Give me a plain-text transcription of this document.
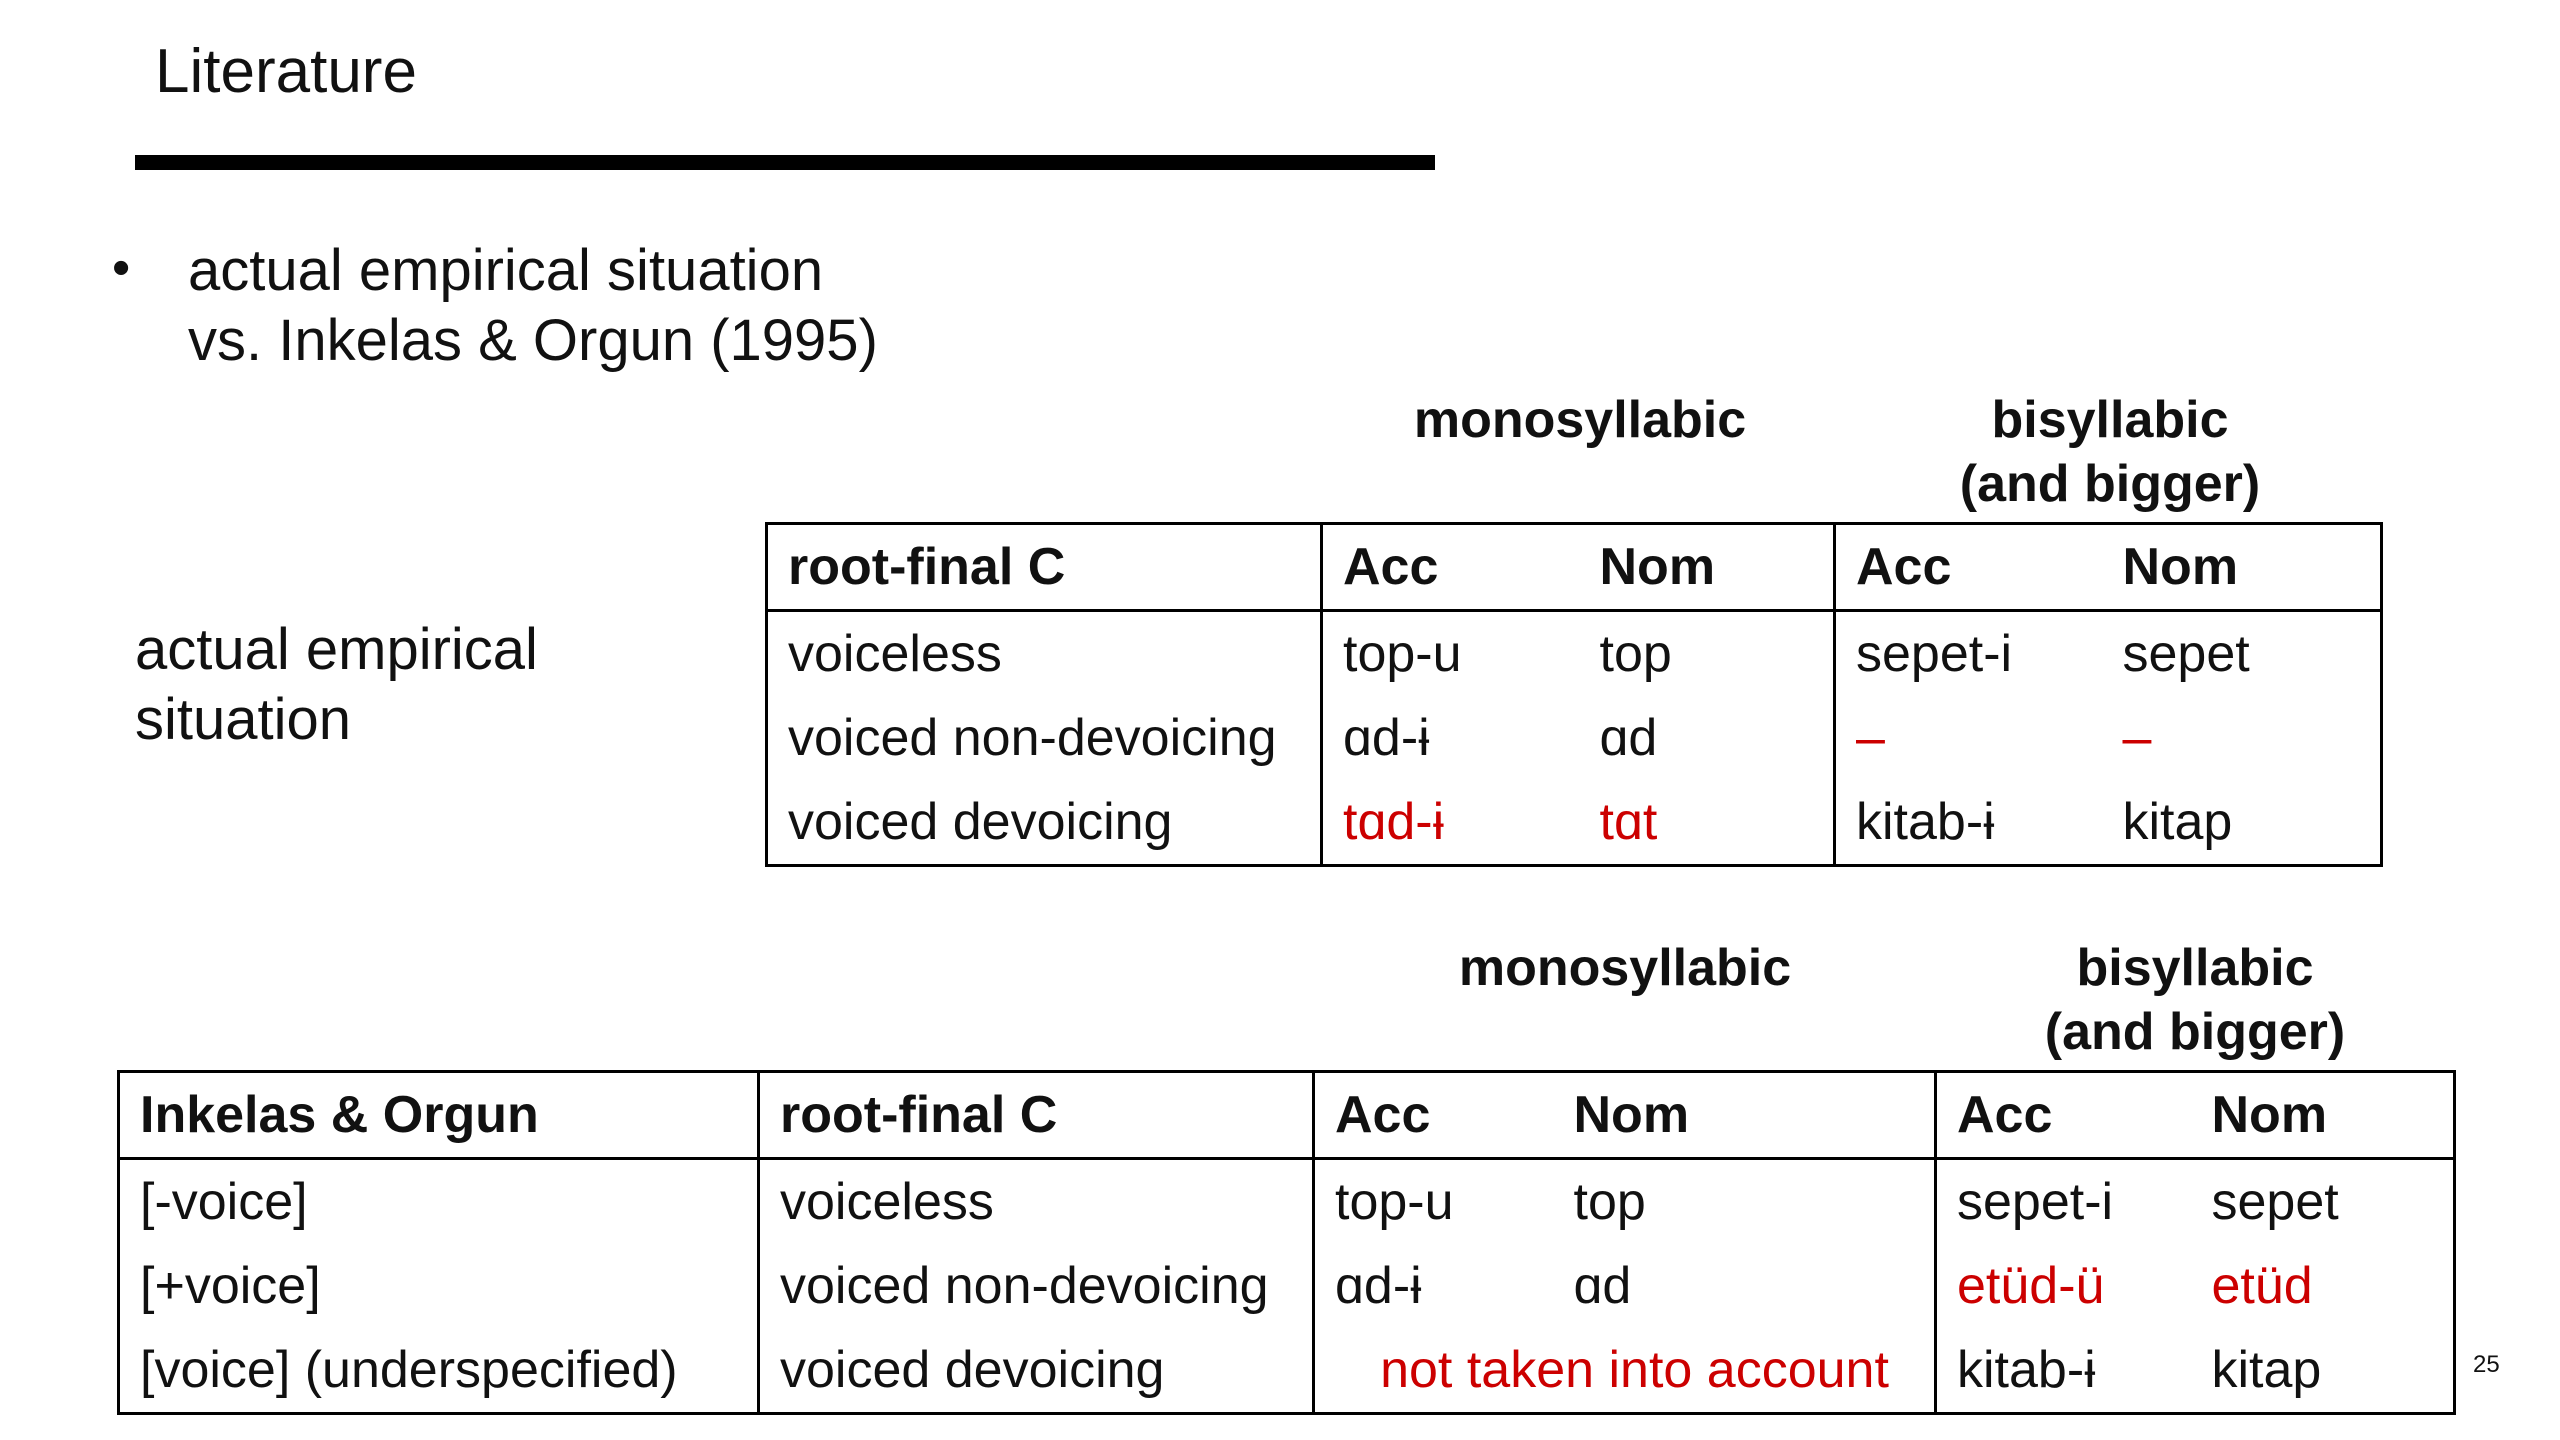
Literature
• actual empirical situation
vs. Inkelas & Orgun (1995)
monosyllabic	bisyllabic
(and bigger)
actual empirical
situation
root-final C	Acc	Nom	Acc	Nom
voiceless	top-u	top	sepet-i	sepet
voiced non-devoicing	ɑd-ɨ	ɑd	–	–
voiced devoicing	tɑd-ɨ	tɑt	kitab-ɨ	kitap
monosyllabic	bisyllabic
(and bigger)
Inkelas & Orgun	root-final C	Acc	Nom	Acc	Nom
[-voice]	voiceless	top-u	top	sepet-i	sepet
[+voice]	voiced non-devoicing	ɑd-ɨ	ɑd	etüd-ü	etüd
[voice] (underspecified)	voiced devoicing	not taken into account		kitab-ɨ	kitap	25
